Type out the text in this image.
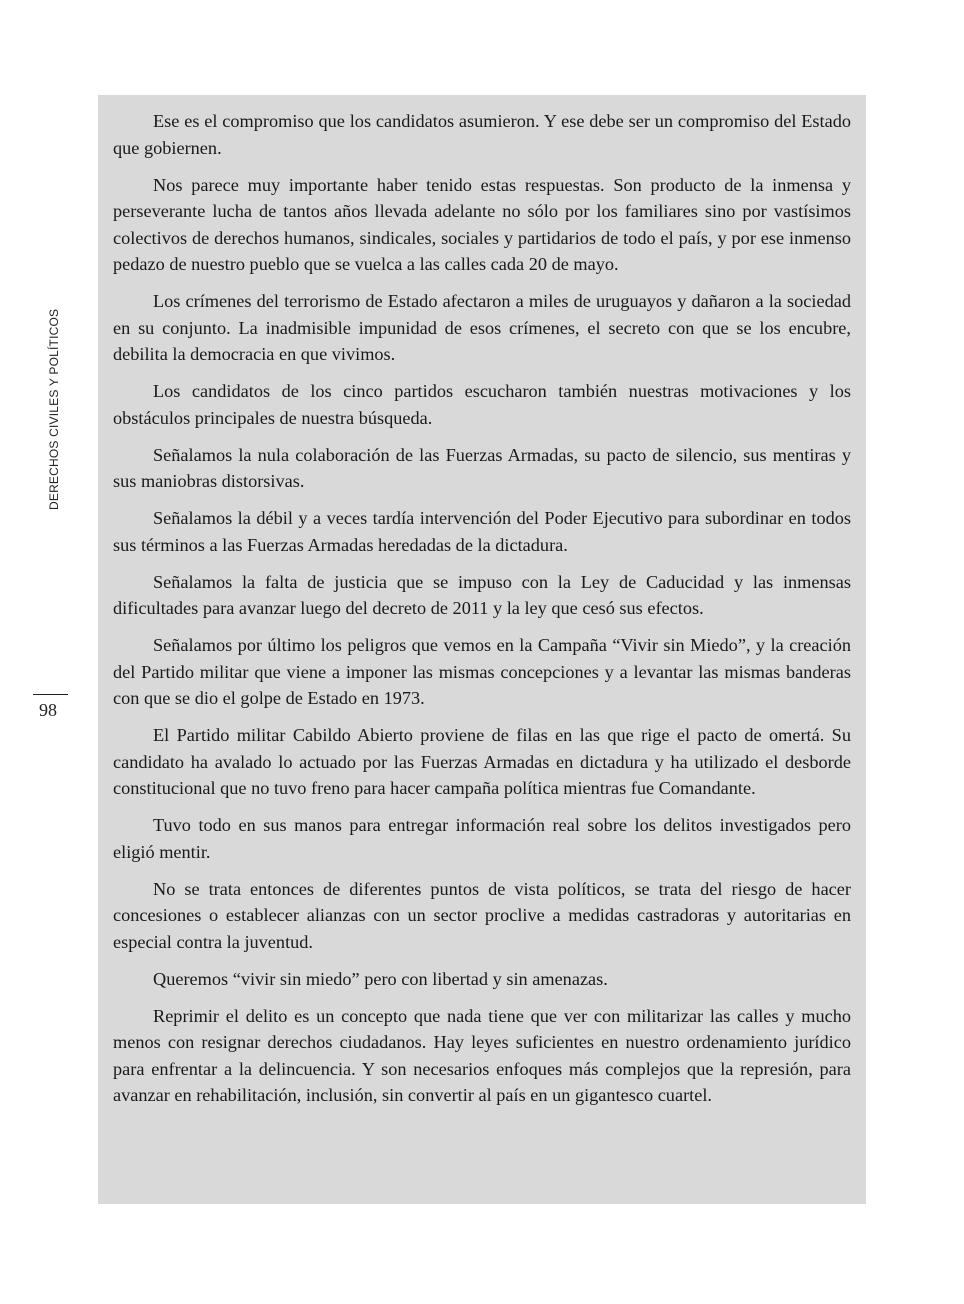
DERECHOS CIVILES Y POLÍTICOS
98

Ese es el compromiso que los candidatos asumieron. Y ese debe ser un compromiso del Estado que gobiernen.

Nos parece muy importante haber tenido estas respuestas. Son producto de la inmensa y perseverante lucha de tantos años llevada adelante no sólo por los familiares sino por vastísimos colectivos de derechos humanos, sindicales, sociales y partidarios de todo el país, y por ese inmenso pedazo de nuestro pueblo que se vuelca a las calles cada 20 de mayo.

Los crímenes del terrorismo de Estado afectaron a miles de uruguayos y dañaron a la sociedad en su conjunto. La inadmisible impunidad de esos crímenes, el secreto con que se los encubre, debilita la democracia en que vivimos.

Los candidatos de los cinco partidos escucharon también nuestras motivaciones y los obstáculos principales de nuestra búsqueda.

Señalamos la nula colaboración de las Fuerzas Armadas, su pacto de silencio, sus mentiras y sus maniobras distorsivas.

Señalamos la débil y a veces tardía intervención del Poder Ejecutivo para subordinar en todos sus términos a las Fuerzas Armadas heredadas de la dictadura.

Señalamos la falta de justicia que se impuso con la Ley de Caducidad y las inmensas dificultades para avanzar luego del decreto de 2011 y la ley que cesó sus efectos.

Señalamos por último los peligros que vemos en la Campaña “Vivir sin Miedo”, y la creación del Partido militar que viene a imponer las mismas concepciones y a levantar las mismas banderas con que se dio el golpe de Estado en 1973.

El Partido militar Cabildo Abierto proviene de filas en las que rige el pacto de omertá. Su candidato ha avalado lo actuado por las Fuerzas Armadas en dictadura y ha utilizado el desborde constitucional que no tuvo freno para hacer campaña política mientras fue Comandante.

Tuvo todo en sus manos para entregar información real sobre los delitos investigados pero eligió mentir.

No se trata entonces de diferentes puntos de vista políticos, se trata del riesgo de hacer concesiones o establecer alianzas con un sector proclive a medidas castradoras y autoritarias en especial contra la juventud.

Queremos “vivir sin miedo” pero con libertad y sin amenazas.

Reprimir el delito es un concepto que nada tiene que ver con militarizar las calles y mucho menos con resignar derechos ciudadanos. Hay leyes suficientes en nuestro ordenamiento jurídico para enfrentar a la delincuencia. Y son necesarios enfoques más complejos que la represión, para avanzar en rehabilitación, inclusión, sin convertir al país en un gigantesco cuartel.
